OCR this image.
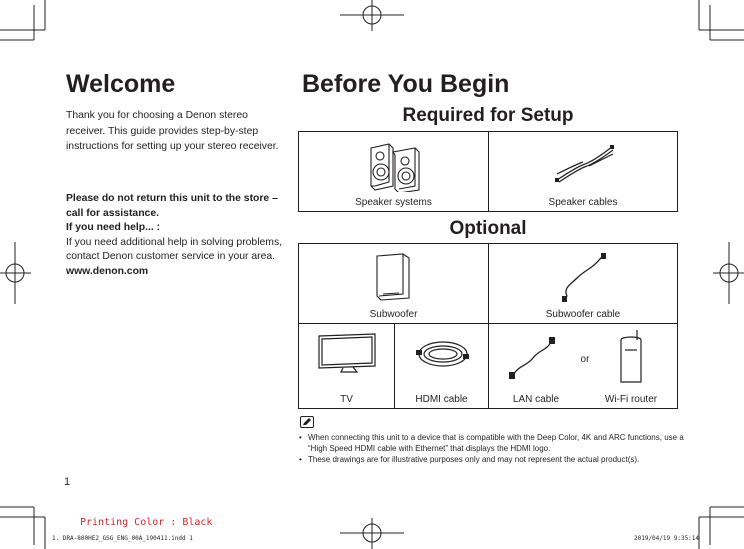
Welcome
Thank you for choosing a Denon stereo receiver. This guide provides step-by-step instructions for setting up your stereo receiver.
Please do not return this unit to the store – call for assistance.
If you need help... :
If you need additional help in solving problems, contact Denon customer service in your area.
www.denon.com
Before You Begin
Required for Setup
Speaker systems	Speaker cables
Optional
Subwoofer	Subwoofer cable
or
TV	HDMI cable	LAN cable	Wi-Fi router
• When connecting this unit to a device that is compatible with the Deep Color, 4K and ARC functions, use a “High Speed HDMI cable with Ethernet” that displays the HDMI logo.
• These drawings are for illustrative purposes only and may not represent the actual product(s).
1
Printing Color : Black
1. DRA-800HE2_GSG_ENG_00A_190411.indd 1	2019/04/19 9:35:14
